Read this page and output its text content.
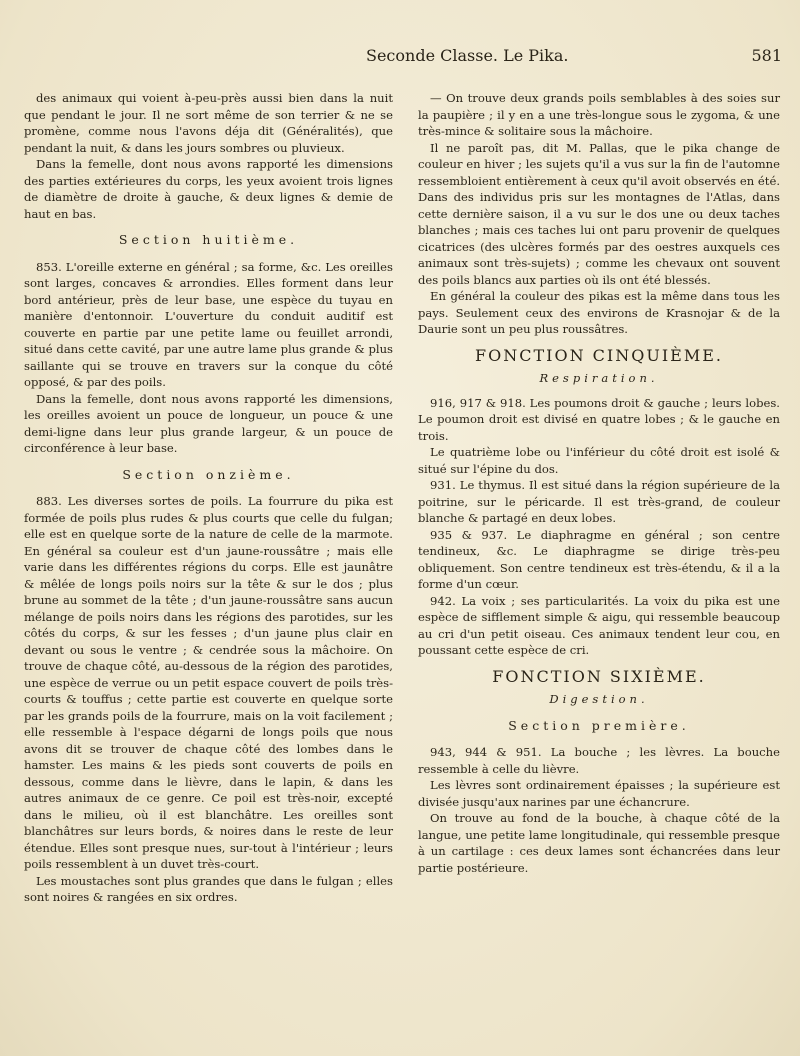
Seconde Classe. Le Pika.	581

des animaux qui voient à-peu-près aussi bien dans la nuit que pendant le jour. Il ne sort même de son terrier & ne se promène, comme nous l'avons déja dit (Généralités), que pendant la nuit, & dans les jours sombres ou pluvieux.

Dans la femelle, dont nous avons rapporté les dimensions des parties extérieures du corps, les yeux avoient trois lignes de diamètre de droite à gauche, & deux lignes & demie de haut en bas.

Section huitième.

853. L'oreille externe en général ; sa forme, &c. Les oreilles sont larges, concaves & arrondies. Elles forment dans leur bord antérieur, près de leur base, une espèce du tuyau en manière d'entonnoir. L'ouverture du conduit auditif est couverte en partie par une petite lame ou feuillet arrondi, situé dans cette cavité, par une autre lame plus grande & plus saillante qui se trouve en travers sur la conque du côté opposé, & par des poils.

Dans la femelle, dont nous avons rapporté les dimensions, les oreilles avoient un pouce de longueur, un pouce & une demi-ligne dans leur plus grande largeur, & un pouce de circonférence à leur base.

Section onzième.

883. Les diverses sortes de poils. La fourrure du pika est formée de poils plus rudes & plus courts que celle du fulgan; elle est en quelque sorte de la nature de celle de la marmote. En général sa couleur est d'un jaune-roussâtre ; mais elle varie dans les différentes régions du corps. Elle est jaunâtre & mêlée de longs poils noirs sur la tête & sur le dos ; plus brune au sommet de la tête ; d'un jaune-roussâtre sans aucun mélange de poils noirs dans les régions des parotides, sur les côtés du corps, & sur les fesses ; d'un jaune plus clair en devant ou sous le ventre ; & cendrée sous la mâchoire. On trouve de chaque côté, au-dessous de la région des parotides, une espèce de verrue ou un petit espace couvert de poils très-courts & touffus ; cette partie est couverte en quelque sorte par les grands poils de la fourrure, mais on la voit facilement ; elle ressemble à l'espace dégarni de longs poils que nous avons dit se trouver de chaque côté des lombes dans le hamster. Les mains & les pieds sont couverts de poils en dessous, comme dans le lièvre, dans le lapin, & dans les autres animaux de ce genre. Ce poil est très-noir, excepté dans le milieu, où il est blanchâtre. Les oreilles sont blanchâtres sur leurs bords, & noires dans le reste de leur étendue. Elles sont presque nues, sur-tout à l'intérieur ; leurs poils ressemblent à un duvet très-court.

Les moustaches sont plus grandes que dans le fulgan ; elles sont noires & rangées en six ordres.

— On trouve deux grands poils semblables à des soies sur la paupière ; il y en a une très-longue sous le zygoma, & une très-mince & solitaire sous la mâchoire.

Il ne paroît pas, dit M. Pallas, que le pika change de couleur en hiver ; les sujets qu'il a vus sur la fin de l'automne ressembloient entièrement à ceux qu'il avoit observés en été. Dans des individus pris sur les montagnes de l'Atlas, dans cette dernière saison, il a vu sur le dos une ou deux taches blanches ; mais ces taches lui ont paru provenir de quelques cicatrices (des ulcères formés par des oestres auxquels ces animaux sont très-sujets) ; comme les chevaux ont souvent des poils blancs aux parties où ils ont été blessés.

En général la couleur des pikas est la même dans tous les pays. Seulement ceux des environs de Krasnojar & de la Daurie sont un peu plus roussâtres.

FONCTION CINQUIÈME.
Respiration.

916, 917 & 918. Les poumons droit & gauche ; leurs lobes. Le poumon droit est divisé en quatre lobes ; & le gauche en trois.

Le quatrième lobe ou l'inférieur du côté droit est isolé & situé sur l'épine du dos.

931. Le thymus. Il est situé dans la région supérieure de la poitrine, sur le péricarde. Il est très-grand, de couleur blanche & partagé en deux lobes.

935 & 937. Le diaphragme en général ; son centre tendineux, &c. Le diaphragme se dirige très-peu obliquement. Son centre tendineux est très-étendu, & il a la forme d'un cœur.

942. La voix ; ses particularités. La voix du pika est une espèce de sifflement simple & aigu, qui ressemble beaucoup au cri d'un petit oiseau. Ces animaux tendent leur cou, en poussant cette espèce de cri.

FONCTION SIXIÈME.
Digestion.
Section première.

943, 944 & 951. La bouche ; les lèvres. La bouche ressemble à celle du lièvre.

Les lèvres sont ordinairement épaisses ; la supérieure est divisée jusqu'aux narines par une échancrure.

On trouve au fond de la bouche, à chaque côté de la langue, une petite lame longitudinale, qui ressemble presque à un cartilage : ces deux lames sont échancrées dans leur partie postérieure.
